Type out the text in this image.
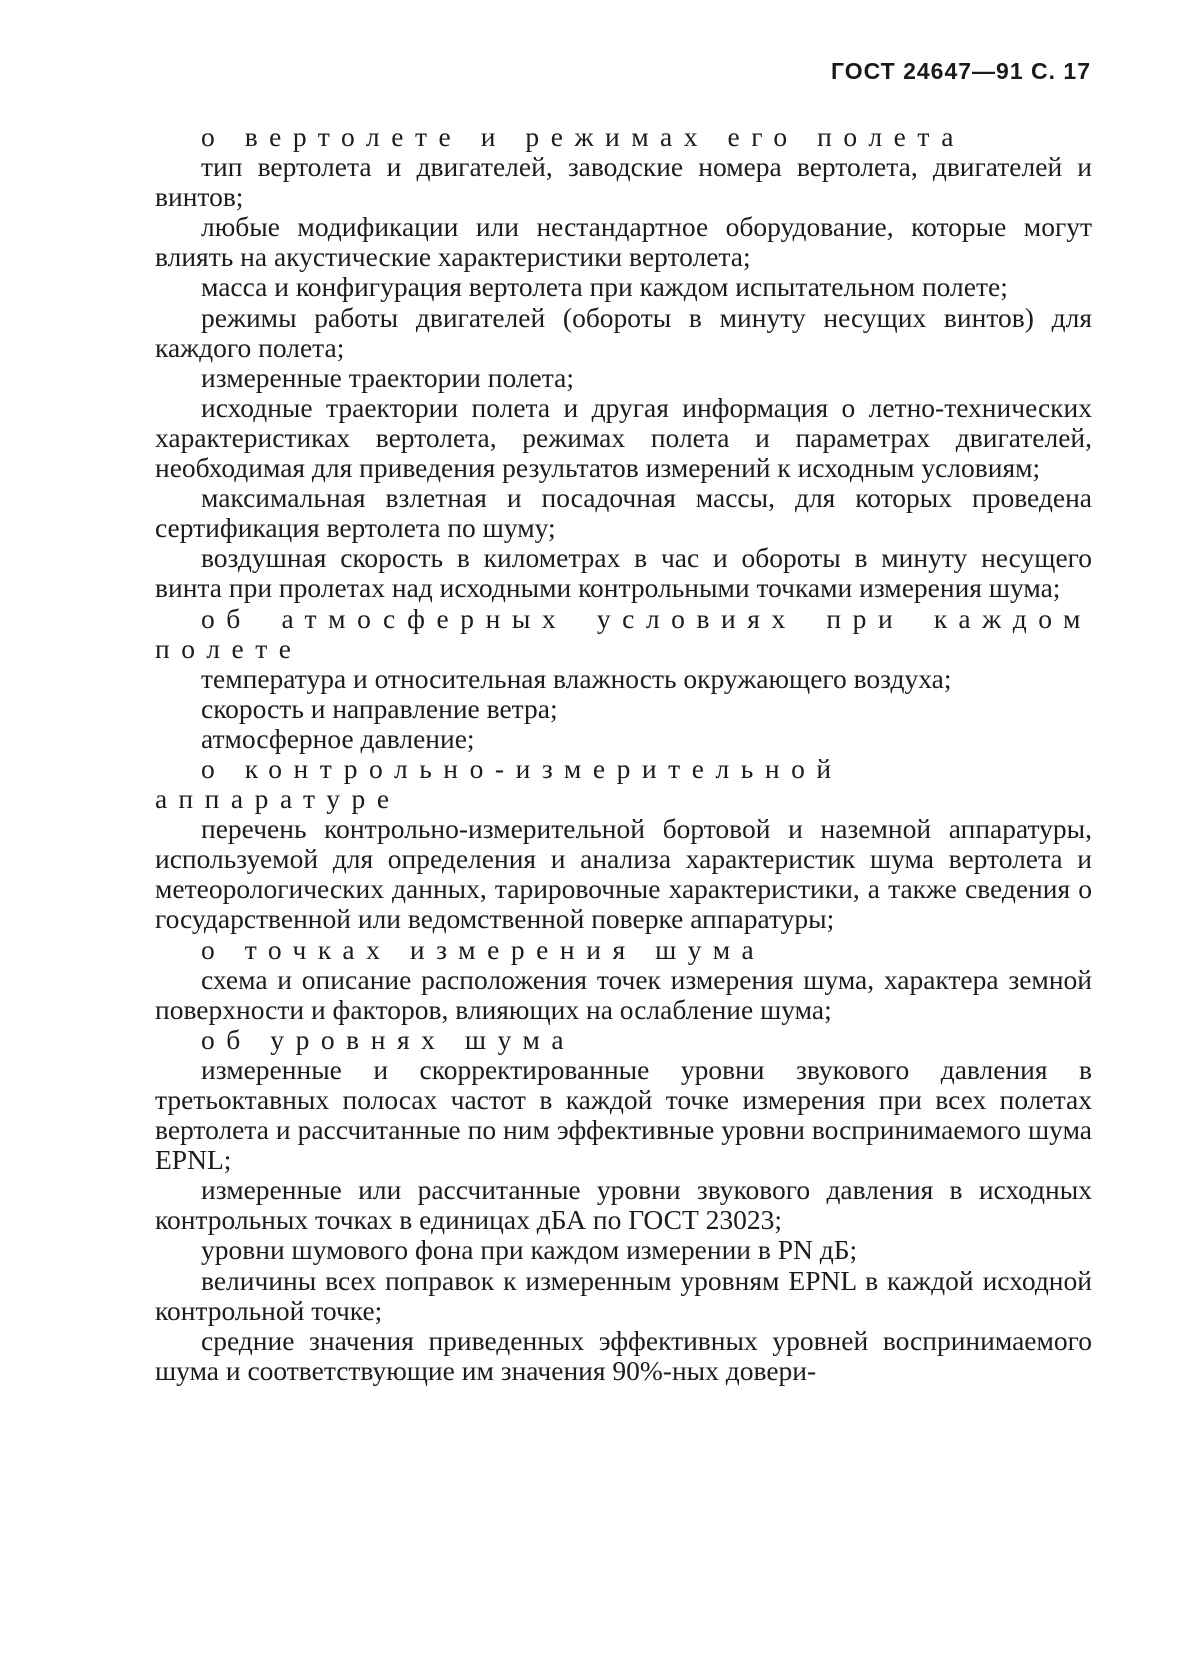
ГОСТ 24647—91 С. 17

о вертолете и режимах его полета

тип вертолета и двигателей, заводские номера вертолета, двигателей и винтов;

любые модификации или нестандартное оборудование, которые могут влиять на акустические характеристики вертолета;

масса и конфигурация вертолета при каждом испытательном полете;

режимы работы двигателей (обороты в минуту несущих винтов) для каждого полета;

измеренные траектории полета;

исходные траектории полета и другая информация о летно-технических характеристиках вертолета, режимах полета и параметрах двигателей, необходимая для приведения результатов измерений к исходным условиям;

максимальная взлетная и посадочная массы, для которых проведена сертификация вертолета по шуму;

воздушная скорость в километрах в час и обороты в минуту несущего винта при пролетах над исходными контрольными точками измерения шума;

об атмосферных условиях при каждом полете

температура и относительная влажность окружающего воздуха;

скорость и направление ветра;

атмосферное давление;

о контрольно-измерительной аппаратуре

перечень контрольно-измерительной бортовой и наземной аппаратуры, используемой для определения и анализа характеристик шума вертолета и метеорологических данных, тарировочные характеристики, а также сведения о государственной или ведомственной поверке аппаратуры;

о точках измерения шума

схема и описание расположения точек измерения шума, характера земной поверхности и факторов, влияющих на ослабление шума;

об уровнях шума

измеренные и скорректированные уровни звукового давления в третьоктавных полосах частот в каждой точке измерения при всех полетах вертолета и рассчитанные по ним эффективные уровни воспринимаемого шума EPNL;

измеренные или рассчитанные уровни звукового давления в исходных контрольных точках в единицах дБА по ГОСТ 23023;

уровни шумового фона при каждом измерении в PN дБ;

величины всех поправок к измеренным уровням EPNL в каждой исходной контрольной точке;

средние значения приведенных эффективных уровней воспринимаемого шума и соответствующие им значения 90%-ных довери-
